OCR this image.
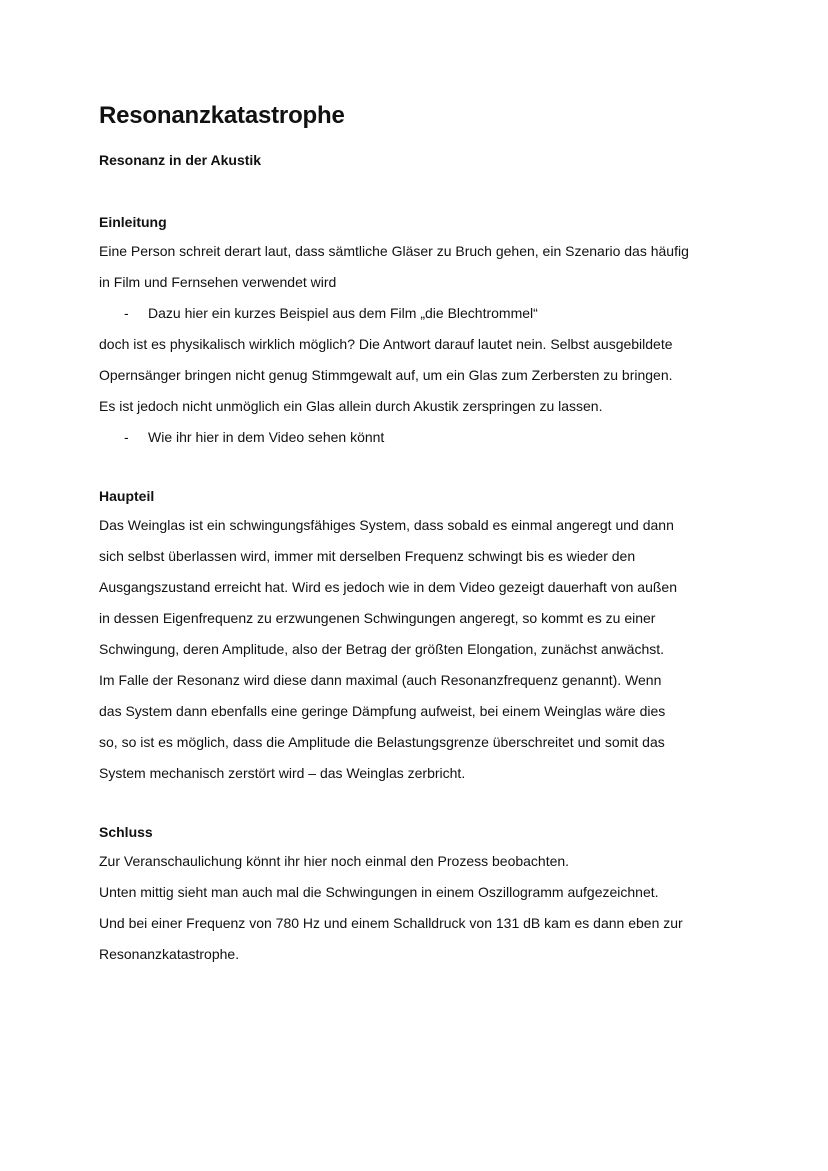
Resonanzkatastrophe
Resonanz in der Akustik
Einleitung

Eine Person schreit derart laut, dass sämtliche Gläser zu Bruch gehen, ein Szenario das häufig

in Film und Fernsehen verwendet wird

- Dazu hier ein kurzes Beispiel aus dem Film „die Blechtrommel“

doch ist es physikalisch wirklich möglich? Die Antwort darauf lautet nein. Selbst ausgebildete

Opernsänger bringen nicht genug Stimmgewalt auf, um ein Glas zum Zerbersten zu bringen.

Es ist jedoch nicht unmöglich ein Glas allein durch Akustik zerspringen zu lassen.

- Wie ihr hier in dem Video sehen könnt

Haupteil

Das Weinglas ist ein schwingungsfähiges System, dass sobald es einmal angeregt und dann

sich selbst überlassen wird, immer mit derselben Frequenz schwingt bis es wieder den

Ausgangszustand erreicht hat. Wird es jedoch wie in dem Video gezeigt dauerhaft von außen

in dessen Eigenfrequenz zu erzwungenen Schwingungen angeregt, so kommt es zu einer

Schwingung, deren Amplitude, also der Betrag der größten Elongation, zunächst anwächst.

Im Falle der Resonanz wird diese dann maximal (auch Resonanzfrequenz genannt). Wenn

das System dann ebenfalls eine geringe Dämpfung aufweist, bei einem Weinglas wäre dies

so, so ist es möglich, dass die Amplitude die Belastungsgrenze überschreitet und somit das

System mechanisch zerstört wird – das Weinglas zerbricht.

Schluss

Zur Veranschaulichung könnt ihr hier noch einmal den Prozess beobachten.

Unten mittig sieht man auch mal die Schwingungen in einem Oszillogramm aufgezeichnet.

Und bei einer Frequenz von 780 Hz und einem Schalldruck von 131 dB kam es dann eben zur

Resonanzkatastrophe.
